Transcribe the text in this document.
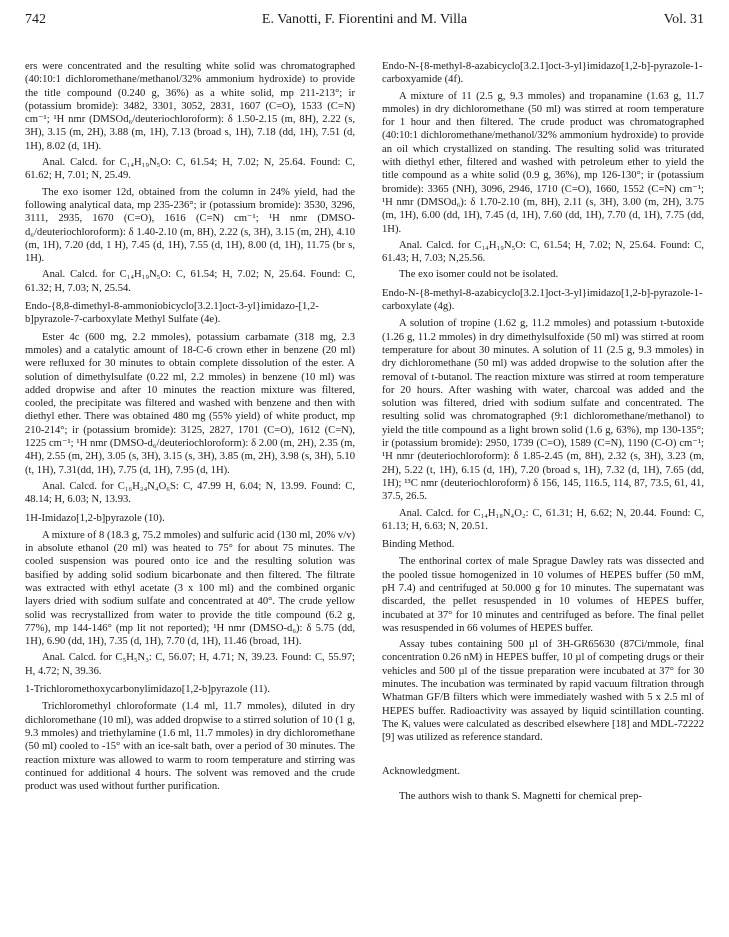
742	E. Vanotti, F. Fiorentini and M. Villa	Vol. 31

ers were concentrated and the resulting white solid was chromatographed (40:10:1 dichloromethane/methanol/32% ammonium hydroxide) to provide the title compound (0.240 g, 36%) as a white solid, mp 211-213°; ir (potassium bromide): 3482, 3301, 3052, 2831, 1607 (C=O), 1533 (C=N) cm⁻¹; ¹H nmr (DMSOd₆/deuteriochloroform): δ 1.50-2.15 (m, 8H), 2.22 (s, 3H), 3.15 (m, 2H), 3.88 (m, 1H), 7.13 (broad s, 1H), 7.18 (dd, 1H), 7.51 (d, 1H), 8.02 (d, 1H).

Anal. Calcd. for C₁₄H₁₉N₅O: C, 61.54; H, 7.02; N, 25.64. Found: C, 61.62; H, 7.01; N, 25.49.

The exo isomer 12d, obtained from the column in 24% yield, had the following analytical data, mp 235-236°; ir (potassium bromide): 3530, 3296, 3111, 2935, 1670 (C=O), 1616 (C=N) cm⁻¹; ¹H nmr (DMSO-d₆/deuteriochloroform): δ 1.40-2.10 (m, 8H), 2.22 (s, 3H), 3.15 (m, 2H), 4.10 (m, 1H), 7.20 (dd, 1 H), 7.45 (d, 1H), 7.55 (d, 1H), 8.00 (d, 1H), 11.75 (br s, 1H).

Anal. Calcd. for C₁₄H₁₉N₅O: C, 61.54; H, 7.02; N, 25.64. Found: C, 61.32; H, 7.03; N, 25.54.

Endo-{8,8-dimethyl-8-ammoniobicyclo[3.2.1]oct-3-yl}imidazo-[1,2-b]pyrazole-7-carboxylate Methyl Sulfate (4e).

Ester 4c (600 mg, 2.2 mmoles), potassium carbamate (318 mg, 2.3 mmoles) and a catalytic amount of 18-C-6 crown ether in benzene (20 ml) were refluxed for 30 minutes to obtain complete dissolution of the ester. A solution of dimethylsulfate (0.22 ml, 2.2 mmoles) in benzene (10 ml) was added dropwise and after 10 minutes the reaction mixture was filtered, cooled, the precipitate was filtered and washed with benzene and then with diethyl ether. There was obtained 480 mg (55% yield) of white product, mp 210-214°; ir (potassium bromide): 3125, 2827, 1701 (C=O), 1612 (C=N), 1225 cm⁻¹; ¹H nmr (DMSO-d₆/deuteriochloroform): δ 2.00 (m, 2H), 2.35 (m, 4H), 2.55 (m, 2H), 3.05 (s, 3H), 3.15 (s, 3H), 3.85 (m, 2H), 3.98 (s, 3H), 5.10 (t, 1H), 7.31(dd, 1H), 7.75 (d, 1H), 7.95 (d, 1H).

Anal. Calcd. for C₁₆H₂₄N₄O₆S: C, 47.99 H, 6.04; N, 13.99. Found: C, 48.14; H, 6.03; N, 13.93.

1H-Imidazo[1,2-b]pyrazole (10).

A mixture of 8 (18.3 g, 75.2 mmoles) and sulfuric acid (130 ml, 20% v/v) in absolute ethanol (20 ml) was heated to 75° for about 75 minutes. The cooled suspension was poured onto ice and the resulting solution was basified by adding solid sodium bicarbonate and then filtered. The filtrate was extracted with ethyl acetate (3 x 100 ml) and the combined organic layers dried with sodium sulfate and concentrated at 40°. The crude yellow solid was recrystallized from water to provide the title compound (6.2 g, 77%), mp 144-146° (mp lit not reported); ¹H nmr (DMSO-d₆): δ 5.75 (dd, 1H), 6.90 (dd, 1H), 7.35 (d, 1H), 7.70 (d, 1H), 11.46 (broad, 1H).

Anal. Calcd. for C₅H₅N₃: C, 56.07; H, 4.71; N, 39.23. Found: C, 55.97; H, 4.72; N, 39.36.

1-Trichloromethoxycarbonylimidazo[1,2-b]pyrazole (11).

Trichloromethyl chloroformate (1.4 ml, 11.7 mmoles), diluted in dry dichloromethane (10 ml), was added dropwise to a stirred solution of 10 (1 g, 9.3 mmoles) and triethylamine (1.6 ml, 11.7 mmoles) in dry dichloromethane (50 ml) cooled to -15° with an ice-salt bath, over a period of 30 minutes. The reaction mixture was allowed to warm to room temperature and stirring was continued for additional 4 hours. The solvent was removed and the crude product was used without further purification.

Endo-N-{8-methyl-8-azabicyclo[3.2.1]oct-3-yl}imidazo[1,2-b]-pyrazole-1-carboxyamide (4f).

A mixture of 11 (2.5 g, 9.3 mmoles) and tropanamine (1.63 g, 11.7 mmoles) in dry dichloromethane (50 ml) was stirred at room temperature for 1 hour and then filtered. The crude product was chromatographed (40:10:1 dichloromethane/methanol/32% ammonium hydroxide) to provide an oil which crystallized on standing. The resulting solid was triturated with diethyl ether, filtered and washed with petroleum ether to yield the title compound as a white solid (0.9 g, 36%), mp 126-130°; ir (potassium bromide): 3365 (NH), 3096, 2946, 1710 (C=O), 1660, 1552 (C=N) cm⁻¹; ¹H nmr (DMSOd₆): δ 1.70-2.10 (m, 8H), 2.11 (s, 3H), 3.00 (m, 2H), 3.75 (m, 1H), 6.00 (dd, 1H), 7.45 (d, 1H), 7.60 (dd, 1H), 7.70 (d, 1H), 7.75 (dd, 1H).

Anal. Calcd. for C₁₄H₁₉N₅O: C, 61.54; H, 7.02; N, 25.64. Found: C, 61.43; H, 7.03; N,25.56.

The exo isomer could not be isolated.

Endo-N-{8-methyl-8-azabicyclo[3.2.1]oct-3-yl}imidazo[1,2-b]-pyrazole-1-carboxylate (4g).

A solution of tropine (1.62 g, 11.2 mmoles) and potassium t-butoxide (1.26 g, 11.2 mmoles) in dry dimethylsulfoxide (50 ml) was stirred at room temperature for about 30 minutes. A solution of 11 (2.5 g, 9.3 mmoles) in dry dichloromethane (50 ml) was added dropwise to the solution after the removal of t-butanol. The reaction mixture was stirred at room temperature for 20 hours. After washing with water, charcoal was added and the solution was filtered, dried with sodium sulfate and concentrated. The resulting solid was chromatographed (9:1 dichloromethane/methanol) to yield the title compound as a light brown solid (1.6 g, 63%), mp 130-135°; ir (potassium bromide): 2950, 1739 (C=O), 1589 (C=N), 1190 (C-O) cm⁻¹; ¹H nmr (deuteriochloroform): δ 1.85-2.45 (m, 8H), 2.32 (s, 3H), 3.23 (m, 2H), 5.22 (t, 1H), 6.15 (d, 1H), 7.20 (broad s, 1H), 7.32 (d, 1H), 7.65 (dd, 1H); ¹³C nmr (deuteriochloroform) δ 156, 145, 116.5, 114, 87, 73.5, 61, 41, 37.5, 26.5.

Anal. Calcd. for C₁₄H₁₈N₄O₂: C, 61.31; H, 6.62; N, 20.44. Found: C, 61.13; H, 6.63; N, 20.51.

Binding Method.

The enthorinal cortex of male Sprague Dawley rats was dissected and the pooled tissue homogenized in 10 volumes of HEPES buffer (50 mM, pH 7.4) and centrifuged at 50.000 g for 10 minutes. The supernatant was discarded, the pellet resuspended in 10 volumes of HEPES buffer, incubated at 37° for 10 minutes and centrifuged as before. The final pellet was resuspended in 66 volumes of HEPES buffer.

Assay tubes containing 500 µl of 3H-GR65630 (87Ci/mmole, final concentration 0.26 nM) in HEPES buffer, 10 µl of competing drugs or their vehicles and 500 µl of the tissue preparation were incubated at 37° for 30 minutes. The incubation was terminated by rapid vacuum filtration through Whatman GF/B filters which were immediately washed with 5 x 2.5 ml of HEPES buffer. Radioactivity was assayed by liquid scintillation counting. The Kᵢ values were calculated as described elsewhere [18] and MDL-72222 [9] was utilized as reference standard.

Acknowledgment.

The authors wish to thank S. Magnetti for chemical prep-
